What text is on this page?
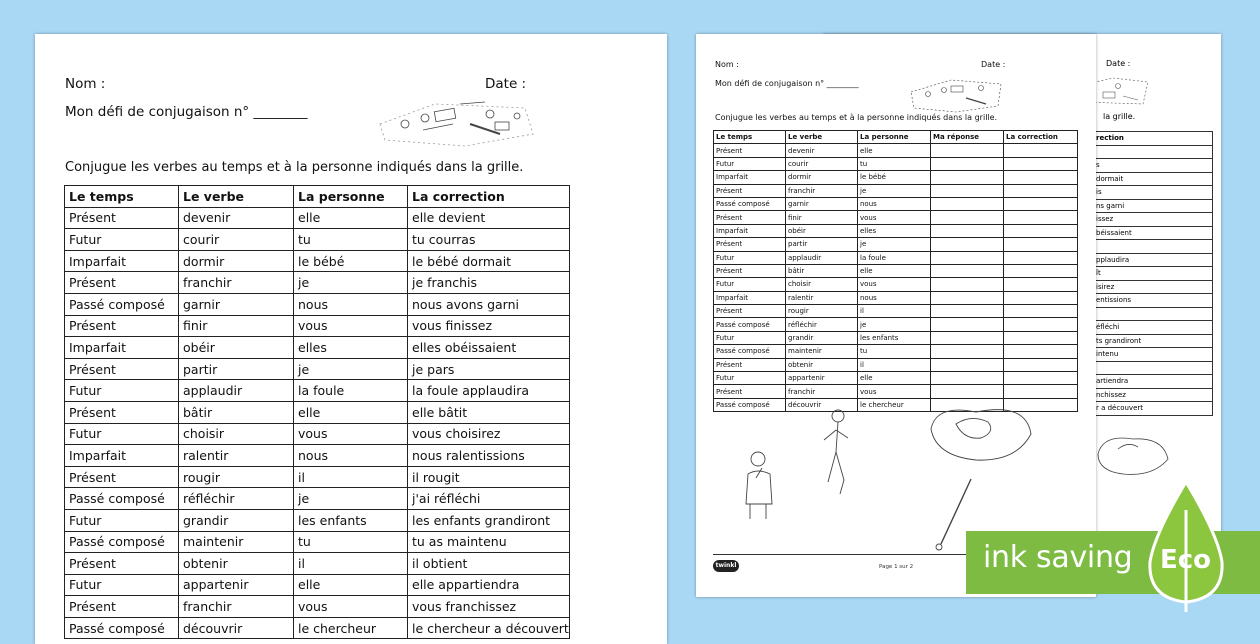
Nom :	Date :
Mon défi de conjugaison n° ________
Conjugue les verbes au temps et à la personne indiqués dans la grille.
Le temps	Le verbe	La personne	La correction
Présent	devenir	elle	elle devient
Futur	courir	tu	tu courras
Imparfait	dormir	le bébé	le bébé dormait
Présent	franchir	je	je franchis
Passé composé	garnir	nous	nous avons garni
Présent	finir	vous	vous finissez
Imparfait	obéir	elles	elles obéissaient
Présent	partir	je	je pars
Futur	applaudir	la foule	la foule applaudira
Présent	bâtir	elle	elle bâtit
Futur	choisir	vous	vous choisirez
Imparfait	ralentir	nous	nous ralentissions
Présent	rougir	il	il rougit
Passé composé	réfléchir	je	j'ai réfléchi
Futur	grandir	les enfants	les enfants grandiront
Passé composé	maintenir	tu	tu as maintenu
Présent	obtenir	il	il obtient
Futur	appartenir	elle	elle appartiendra
Présent	franchir	vous	vous franchissez
Passé composé	découvrir	le chercheur	le chercheur a découvert
Date :
la grille.
rection

s
dormait
is
ns garni
issez
béissaient

pplaudira
ît
isirez
entissions

éfléchi
ts grandiront
intenu

artiendra
nchissez
r a découvert
Nom :	Date :
Mon défi de conjugaison n° ________
Conjugue les verbes au temps et à la personne indiqués dans la grille.
Le temps	Le verbe	La personne	Ma réponse	La correction
Présent	devenir	elle		
Futur	courir	tu		
Imparfait	dormir	le bébé		
Présent	franchir	je		
Passé composé	garnir	nous		
Présent	finir	vous		
Imparfait	obéir	elles		
Présent	partir	je		
Futur	applaudir	la foule		
Présent	bâtir	elle		
Futur	choisir	vous		
Imparfait	ralentir	nous		
Présent	rougir	il		
Passé composé	réfléchir	je		
Futur	grandir	les enfants		
Passé composé	maintenir	tu		
Présent	obtenir	il		
Futur	appartenir	elle		
Présent	franchir	vous		
Passé composé	découvrir	le chercheur		
twinkl	Page 1 sur 2 ink saving Eco
